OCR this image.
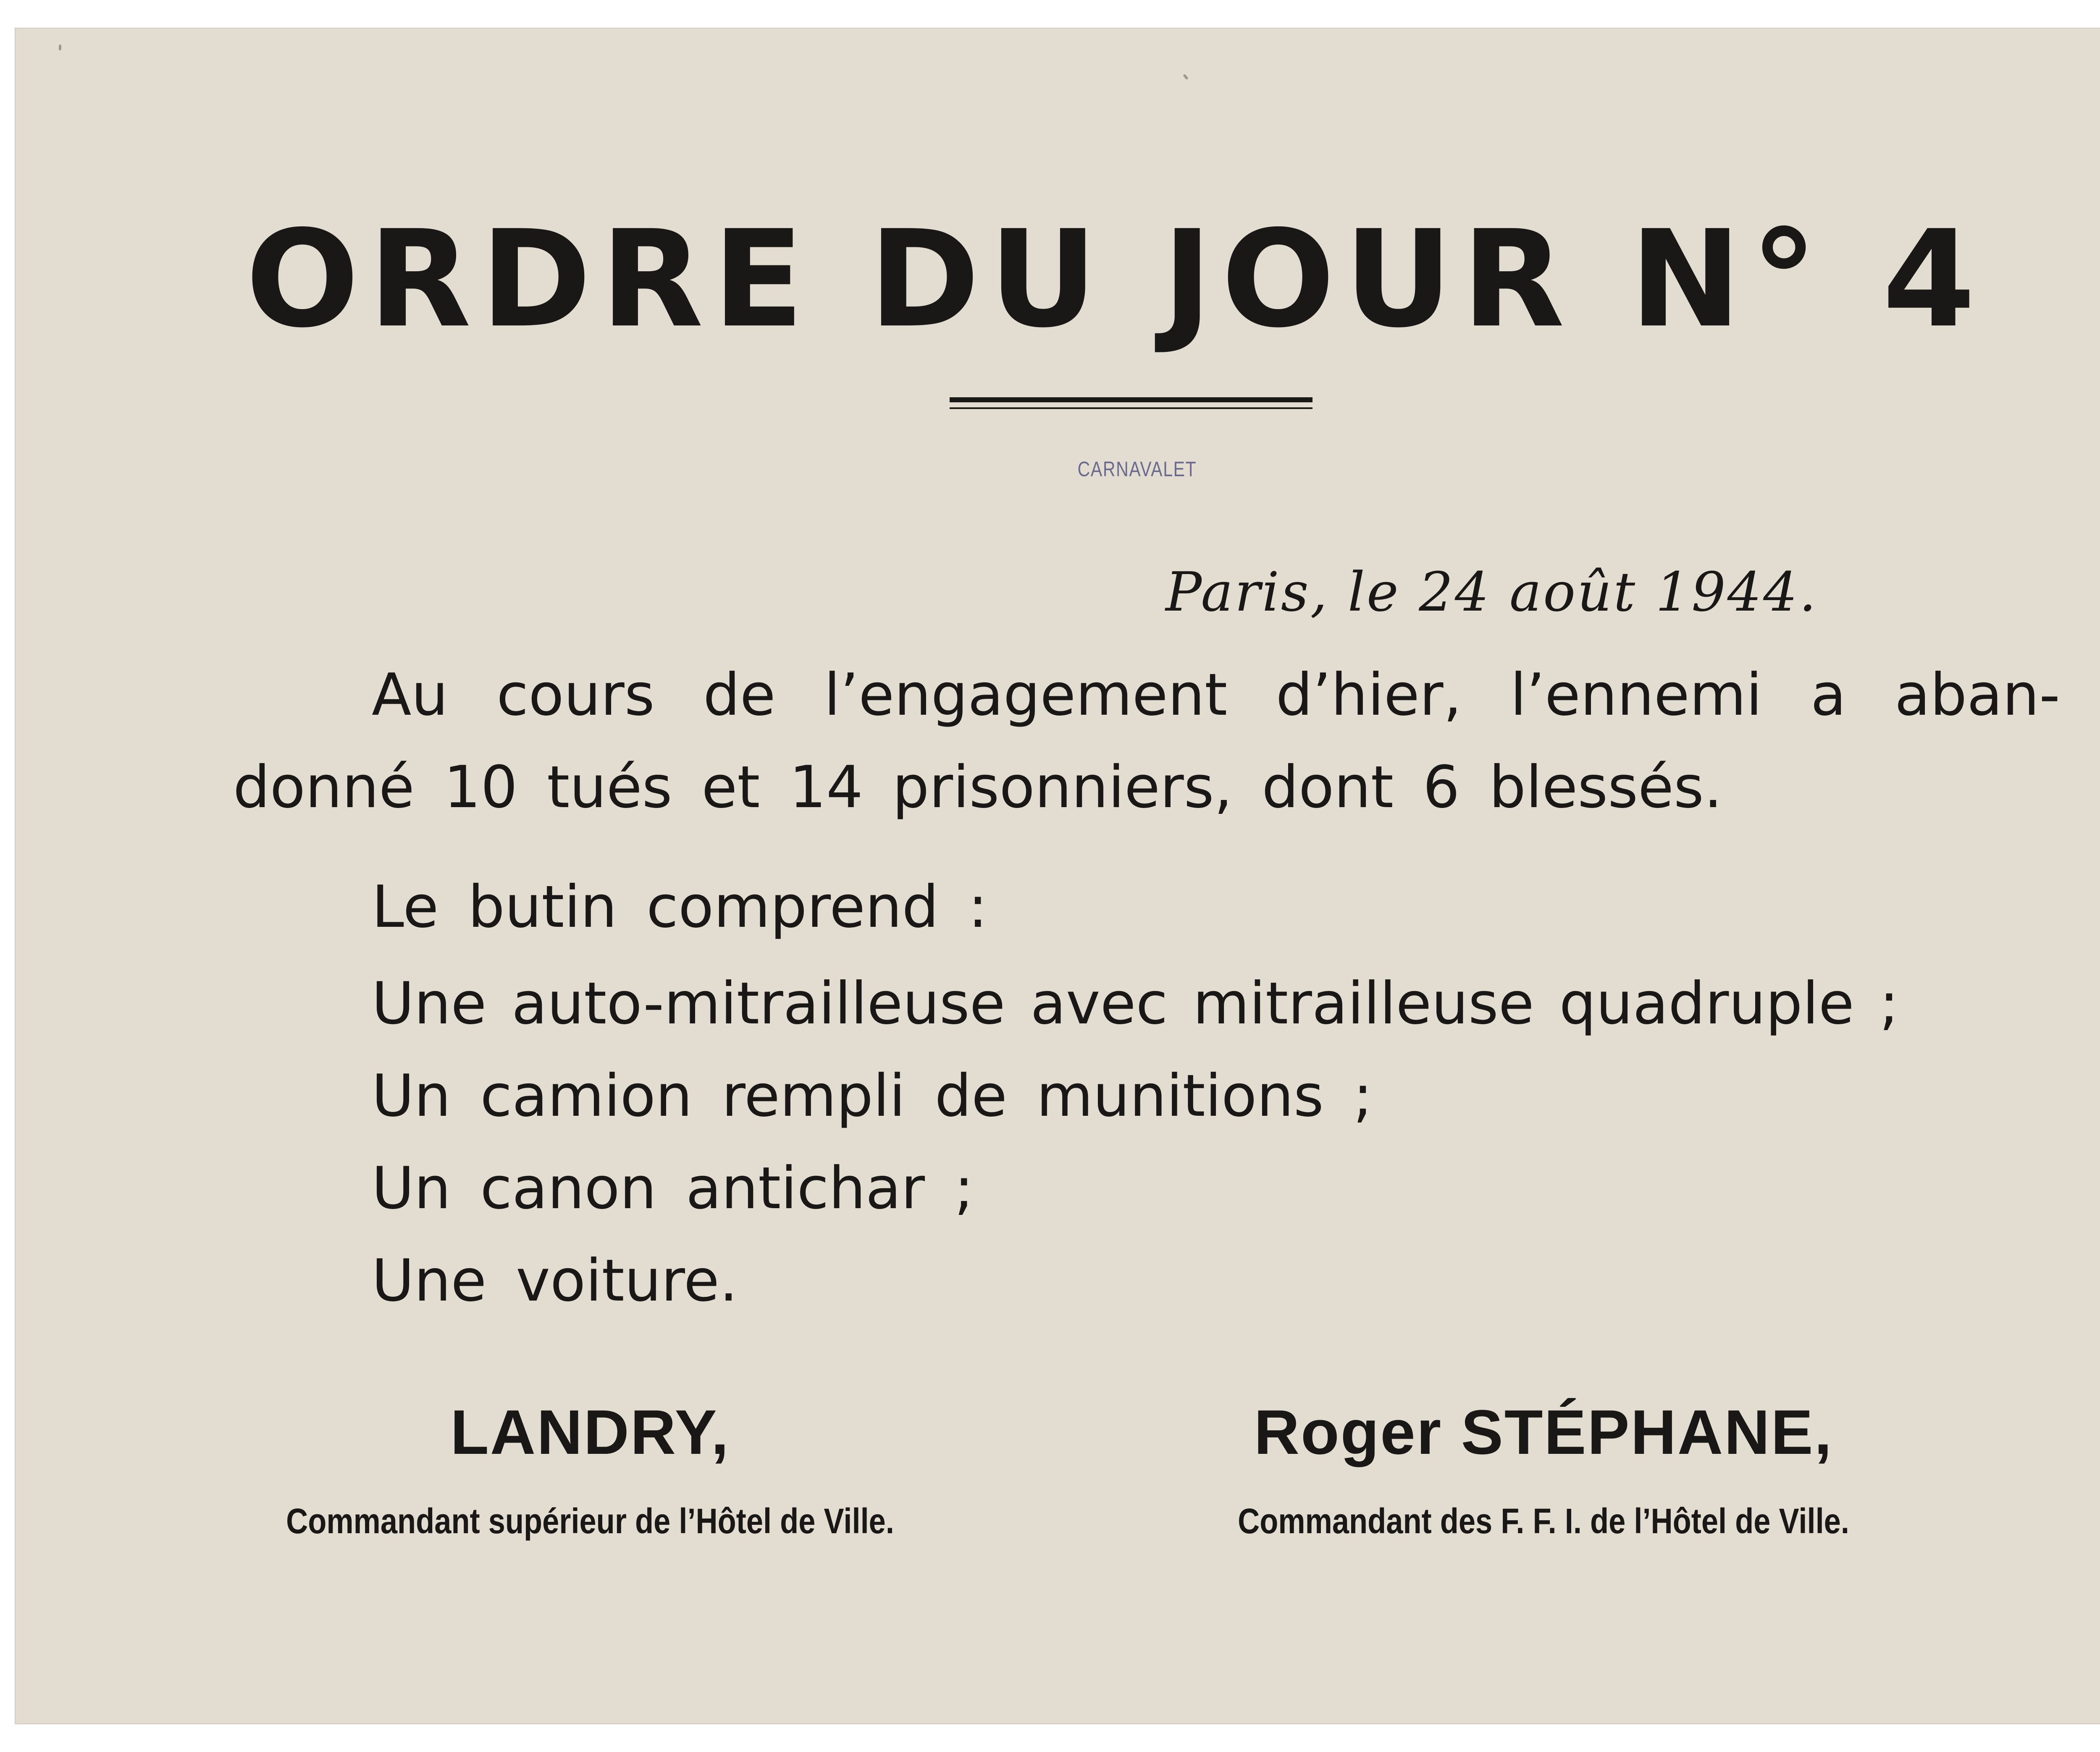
ORDRE DU JOUR N° 4
CARNAVALET
Paris, le 24 août 1944.
Au cours de l’engagement d’hier, l’ennemi a aban-
donné 10 tués et 14 prisonniers, dont 6 blessés.
Le butin comprend :
Une auto-mitrailleuse avec mitrailleuse quadruple ;
Un camion rempli de munitions ;
Un canon antichar ;
Une voiture.
LANDRY,
Commandant supérieur de l’Hôtel de Ville.
Roger STÉPHANE,
Commandant des F. F. I. de l’Hôtel de Ville.
